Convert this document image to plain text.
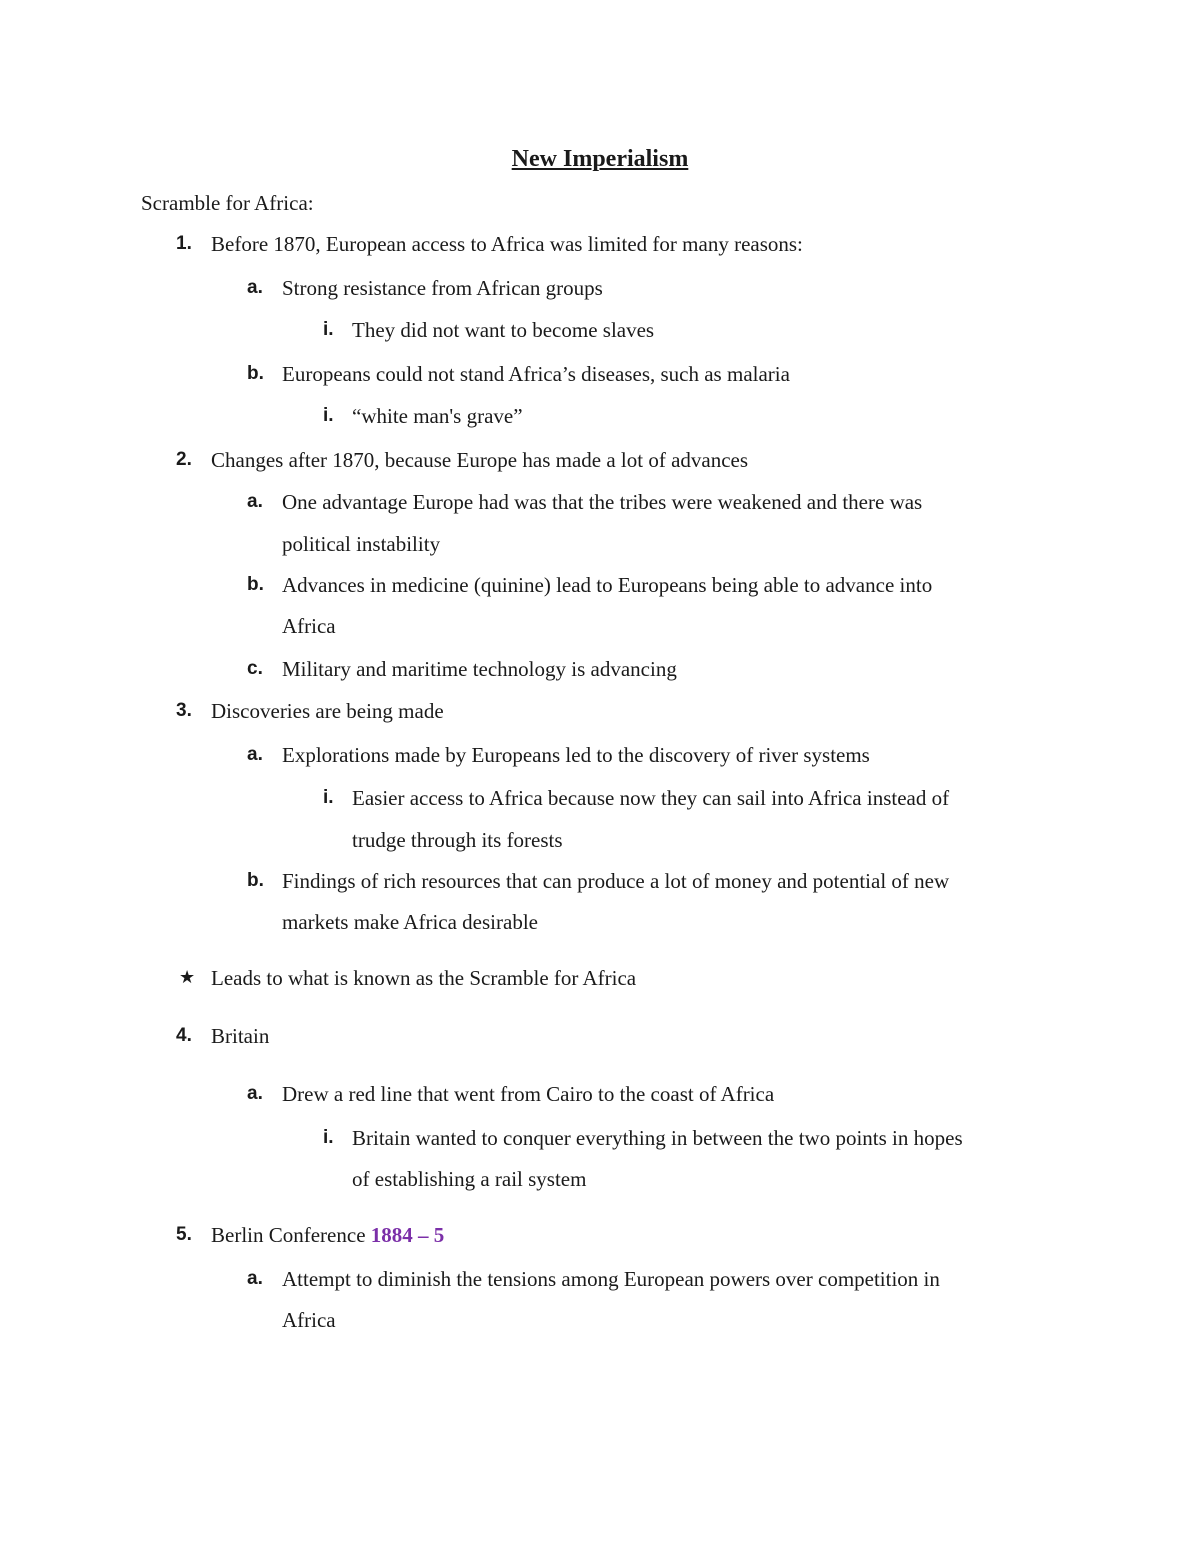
New Imperialism
Scramble for Africa:
1. Before 1870, European access to Africa was limited for many reasons:
a. Strong resistance from African groups
i. They did not want to become slaves
b. Europeans could not stand Africa’s diseases, such as malaria
i. “white man's grave”
2. Changes after 1870, because Europe has made a lot of advances
a. One advantage Europe had was that the tribes were weakened and there was
political instability
b. Advances in medicine (quinine) lead to Europeans being able to advance into
Africa
c. Military and maritime technology is advancing
3. Discoveries are being made
a. Explorations made by Europeans led to the discovery of river systems
i. Easier access to Africa because now they can sail into Africa instead of
trudge through its forests
b. Findings of rich resources that can produce a lot of money and potential of new
markets make Africa desirable
★ Leads to what is known as the Scramble for Africa
4. Britain
a. Drew a red line that went from Cairo to the coast of Africa
i. Britain wanted to conquer everything in between the two points in hopes
of establishing a rail system
5. Berlin Conference 1884 – 5
a. Attempt to diminish the tensions among European powers over competition in
Africa
